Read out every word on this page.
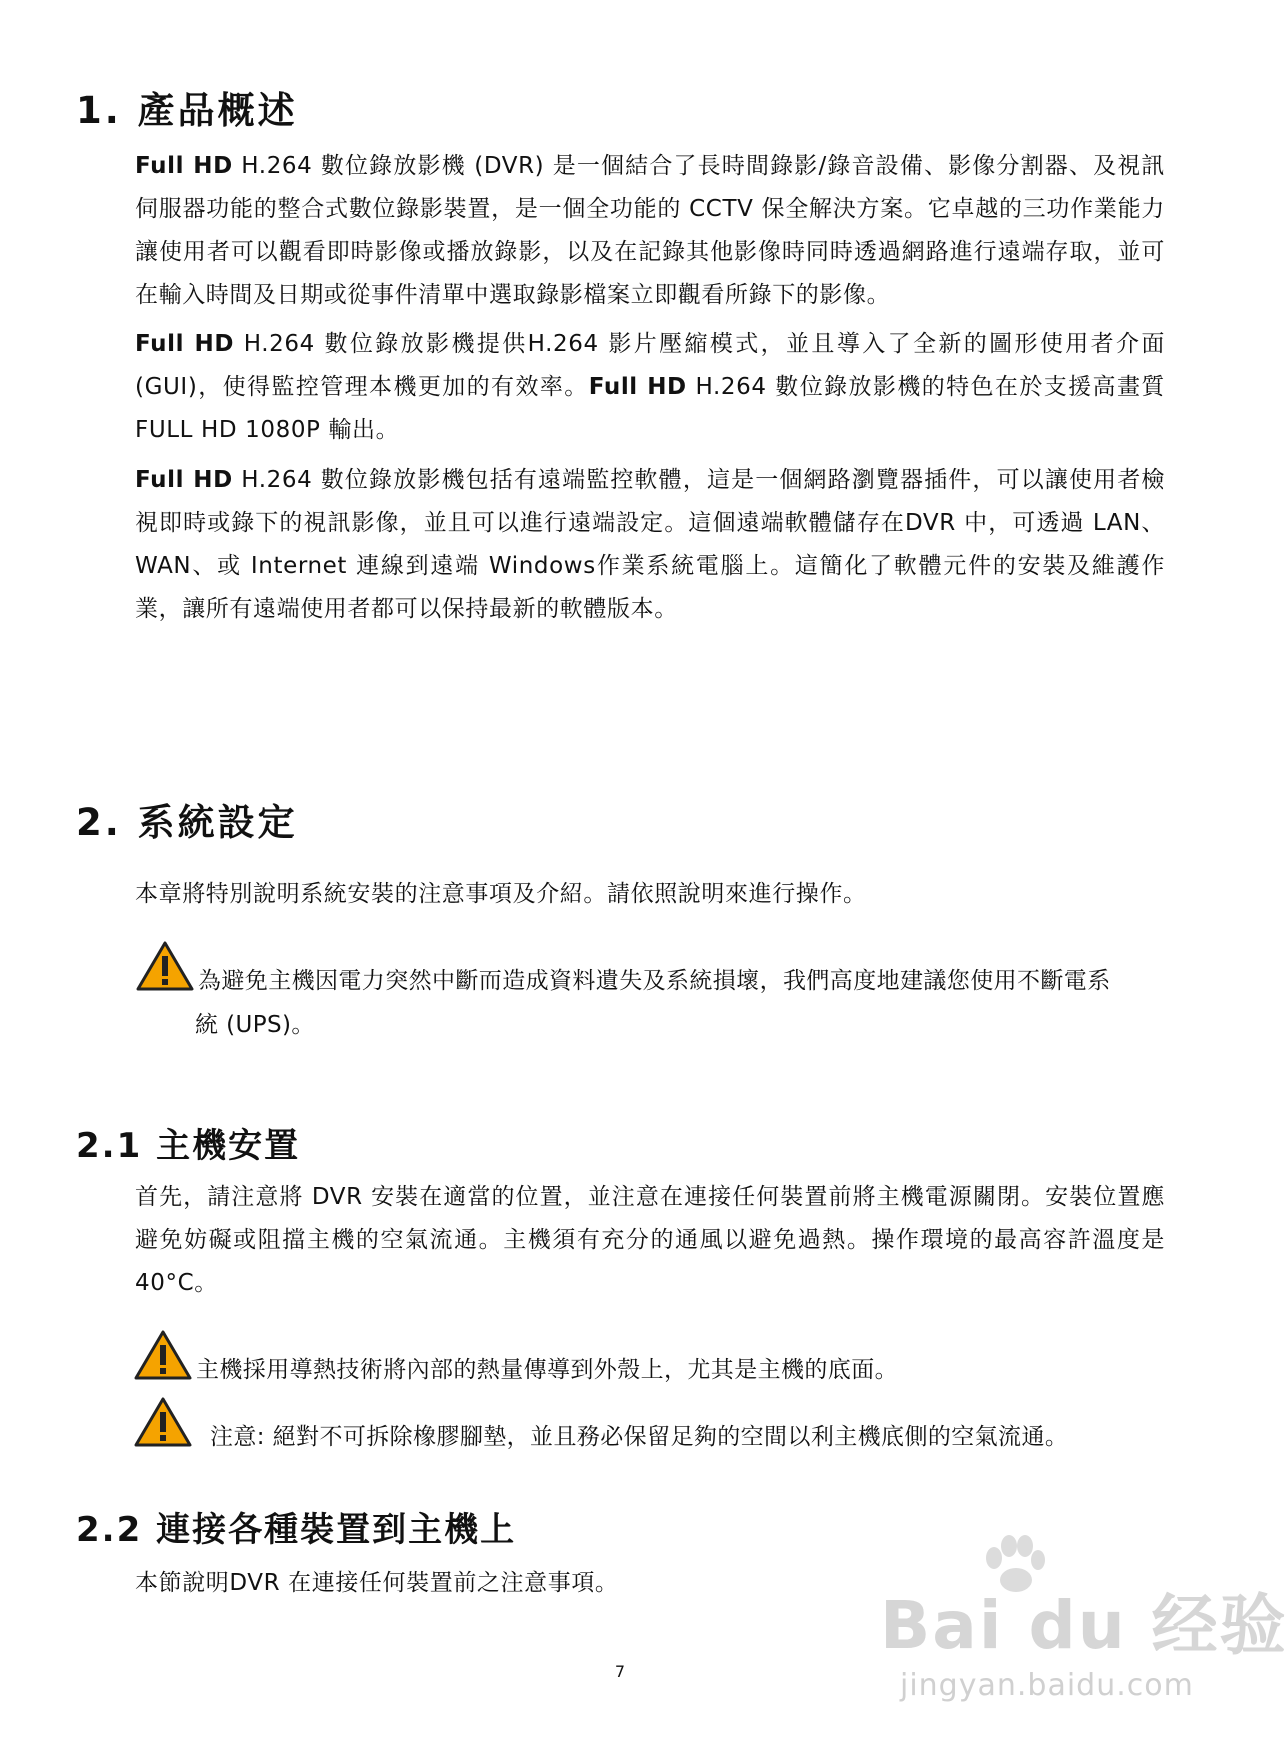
1. 產品概述

Full HD H.264 數位錄放影機 (DVR) 是一個結合了長時間錄影/錄音設備、影像分割器、及視訊伺服器功能的整合式數位錄影裝置，是一個全功能的 CCTV 保全解決方案。它卓越的三功作業能力讓使用者可以觀看即時影像或播放錄影，以及在記錄其他影像時同時透過網路進行遠端存取，並可在輸入時間及日期或從事件清單中選取錄影檔案立即觀看所錄下的影像。

Full HD H.264 數位錄放影機提供H.264 影片壓縮模式，並且導入了全新的圖形使用者介面(GUI)，使得監控管理本機更加的有效率。Full HD H.264 數位錄放影機的特色在於支援高畫質 FULL HD 1080P 輸出。

Full HD H.264 數位錄放影機包括有遠端監控軟體，這是一個網路瀏覽器插件，可以讓使用者檢視即時或錄下的視訊影像，並且可以進行遠端設定。這個遠端軟體儲存在DVR 中，可透過 LAN、WAN、或 Internet 連線到遠端 Windows作業系統電腦上。這簡化了軟體元件的安裝及維護作業，讓所有遠端使用者都可以保持最新的軟體版本。

2. 系統設定

本章將特別說明系統安裝的注意事項及介紹。請依照說明來進行操作。

為避免主機因電力突然中斷而造成資料遺失及系統損壞，我們高度地建議您使用不斷電系

統 (UPS)。

2.1 主機安置

首先，請注意將 DVR 安裝在適當的位置，並注意在連接任何裝置前將主機電源關閉。安裝位置應避免妨礙或阻擋主機的空氣流通。主機須有充分的通風以避免過熱。操作環境的最高容許溫度是 40°C。

主機採用導熱技術將內部的熱量傳導到外殼上，尤其是主機的底面。

注意: 絕對不可拆除橡膠腳墊，並且務必保留足夠的空間以利主機底側的空氣流通。

2.2 連接各種裝置到主機上

本節說明DVR 在連接任何裝置前之注意事項。

7
Bai du 经验
jingyan.baidu.com
